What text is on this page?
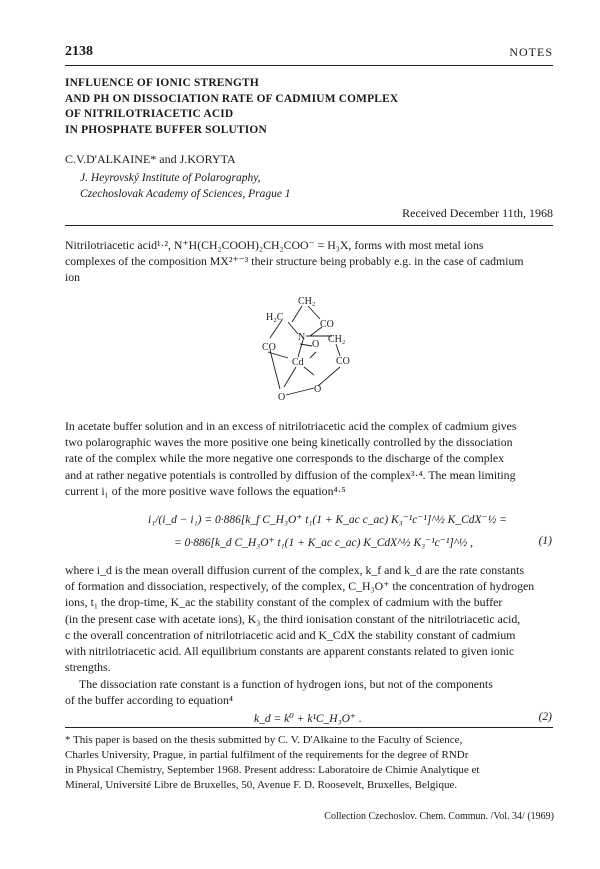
2138	NOTES
INFLUENCE OF IONIC STRENGTH
AND PH ON DISSOCIATION RATE OF CADMIUM COMPLEX
OF NITRILOTRIACETIC ACID
IN PHOSPHATE BUFFER SOLUTION
C.V.D'ALKAINE* and J.KORYTA
J. Heyrovský Institute of Polarography,
Czechoslovak Academy of Sciences, Prague 1
Received December 11th, 1968
Nitrilotriacetic acid¹·², N⁺H(CH₂COOH)₂CH₂COO⁻ = H₃X, forms with most metal ions
complexes of the composition MX²⁺⁻³ their structure being probably e.g. in the case of cadmium
ion
CH₂
H₂C
CO
N CH₂
CO	O
Cd	CO
O
O
In acetate buffer solution and in an excess of nitrilotriacetic acid the complex of cadmium gives
two polarographic waves the more positive one being kinetically controlled by the dissociation
rate of the complex while the more negative one corresponds to the discharge of the complex
and at rather negative potentials is controlled by diffusion of the complex³·⁴. The mean limiting
current i₁ of the more positive wave follows the equation⁴·⁵
i₁/(i_d − i₁) = 0·886[k_f C_H₃O⁺ t₁(1 + K_ac c_ac) K₃⁻¹c⁻¹]^½ K_CdX⁻½ =
= 0·886[k_d C_H₃O⁺ t₁(1 + K_ac c_ac) K_CdX^½ K₃⁻¹c⁻¹]^½ ,	(1)
where i_d is the mean overall diffusion current of the complex, k_f and k_d are the rate constants
of formation and dissociation, respectively, of the complex, C_H₃O⁺ the concentration of hydrogen
ions, t₁ the drop-time, K_ac the stability constant of the complex of cadmium with the buffer
(in the present case with acetate ions), K₃ the third ionisation constant of the nitrilotriacetic acid,
c the overall concentration of nitrilotriacetic acid and K_CdX the stability constant of cadmium
with nitrilotriacetic acid. All equilibrium constants are apparent constants related to given ionic
strengths.
The dissociation rate constant is a function of hydrogen ions, but not of the components
of the buffer according to equation⁴
k_d = k⁰ + k¹C_H₃O⁺ .	(2)
* This paper is based on the thesis submitted by C. V. D'Alkaine to the Faculty of Science,
Charles University, Prague, in partial fulfilment of the requirements for the degree of RNDr
in Physical Chemistry, September 1968. Present address: Laboratoire de Chimie Analytique et
Mineral, Université Libre de Bruxelles, 50, Avenue F. D. Roosevelt, Bruxelles, Belgique.
Collection Czechoslov. Chem. Commun. /Vol. 34/ (1969)
